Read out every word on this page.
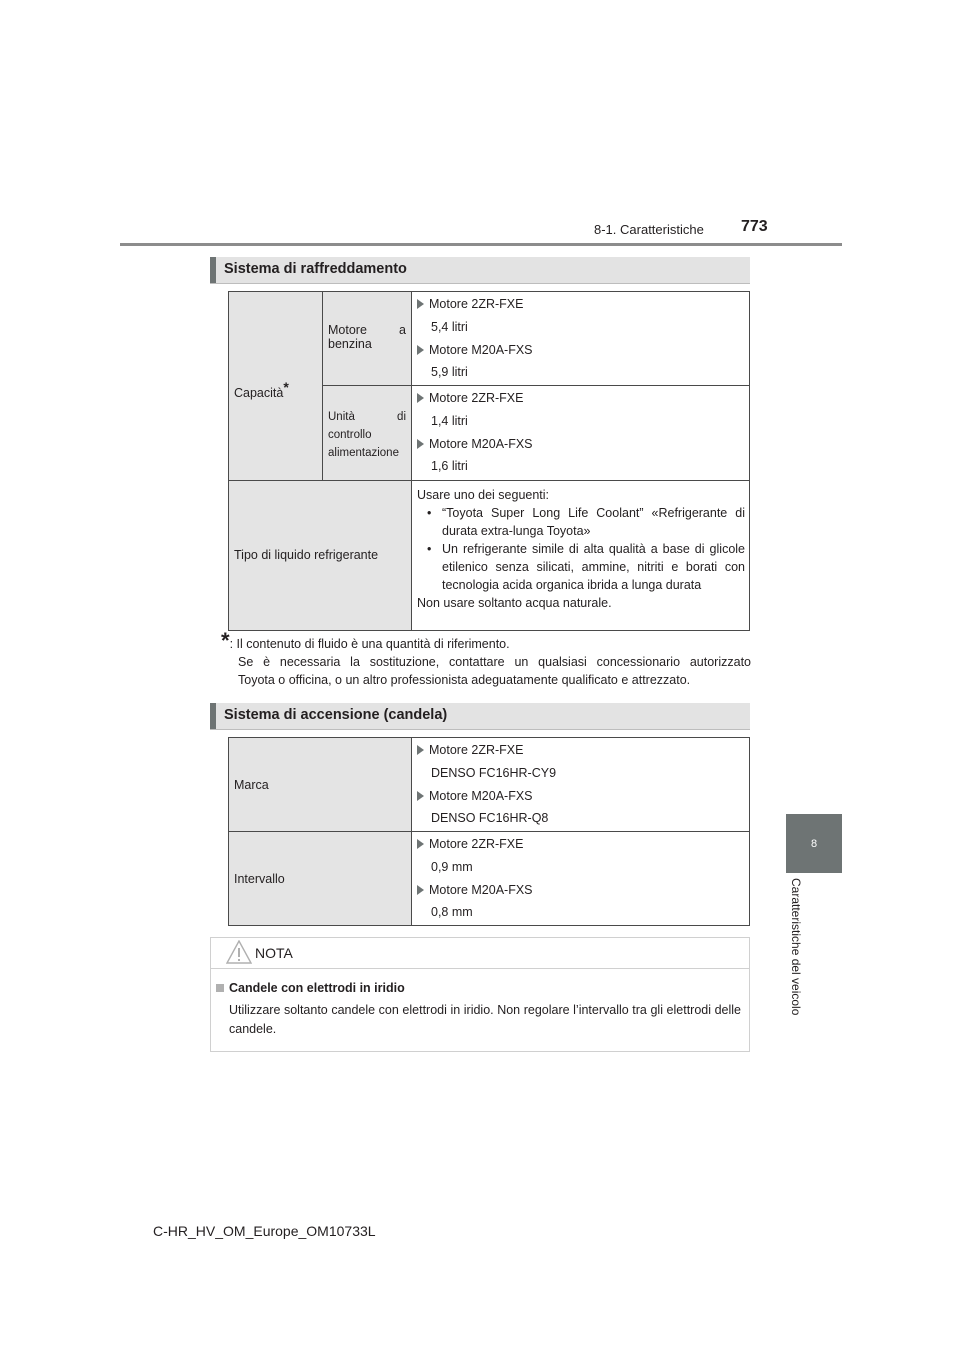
8-1. Caratteristiche 773
8
Caratteristiche del veicolo
Sistema di raffreddamento
Capacità*
Motore	a
benzina
Motore 2ZR-FXE
5,4 litri
Motore M20A-FXS
5,9 litri
Unità	di
controllo
alimentazione
Motore 2ZR-FXE
1,4 litri
Motore M20A-FXS
1,6 litri
Tipo di liquido refrigerante
Usare uno dei seguenti:
• “Toyota Super Long Life Coolant” «Refrigerante di durata extra-lunga Toyota»
• Un refrigerante simile di alta qualità a base di glicole etilenico senza silicati, ammine, nitriti e borati con tecnologia acida organica ibrida a lunga durata
Non usare soltanto acqua naturale.
*: Il contenuto di fluido è una quantità di riferimento.
Se è necessaria la sostituzione, contattare un qualsiasi concessionario autorizzato
Toyota o officina, o un altro professionista adeguatamente qualificato e attrezzato.
Sistema di accensione (candela)
Marca
Motore 2ZR-FXE
DENSO FC16HR-CY9
Motore M20A-FXS
DENSO FC16HR-Q8
Intervallo
Motore 2ZR-FXE
0,9 mm
Motore M20A-FXS
0,8 mm
NOTA
Candele con elettrodi in iridio
Utilizzare soltanto candele con elettrodi in iridio. Non regolare l’intervallo tra gli elettrodi delle candele.
C-HR_HV_OM_Europe_OM10733L
